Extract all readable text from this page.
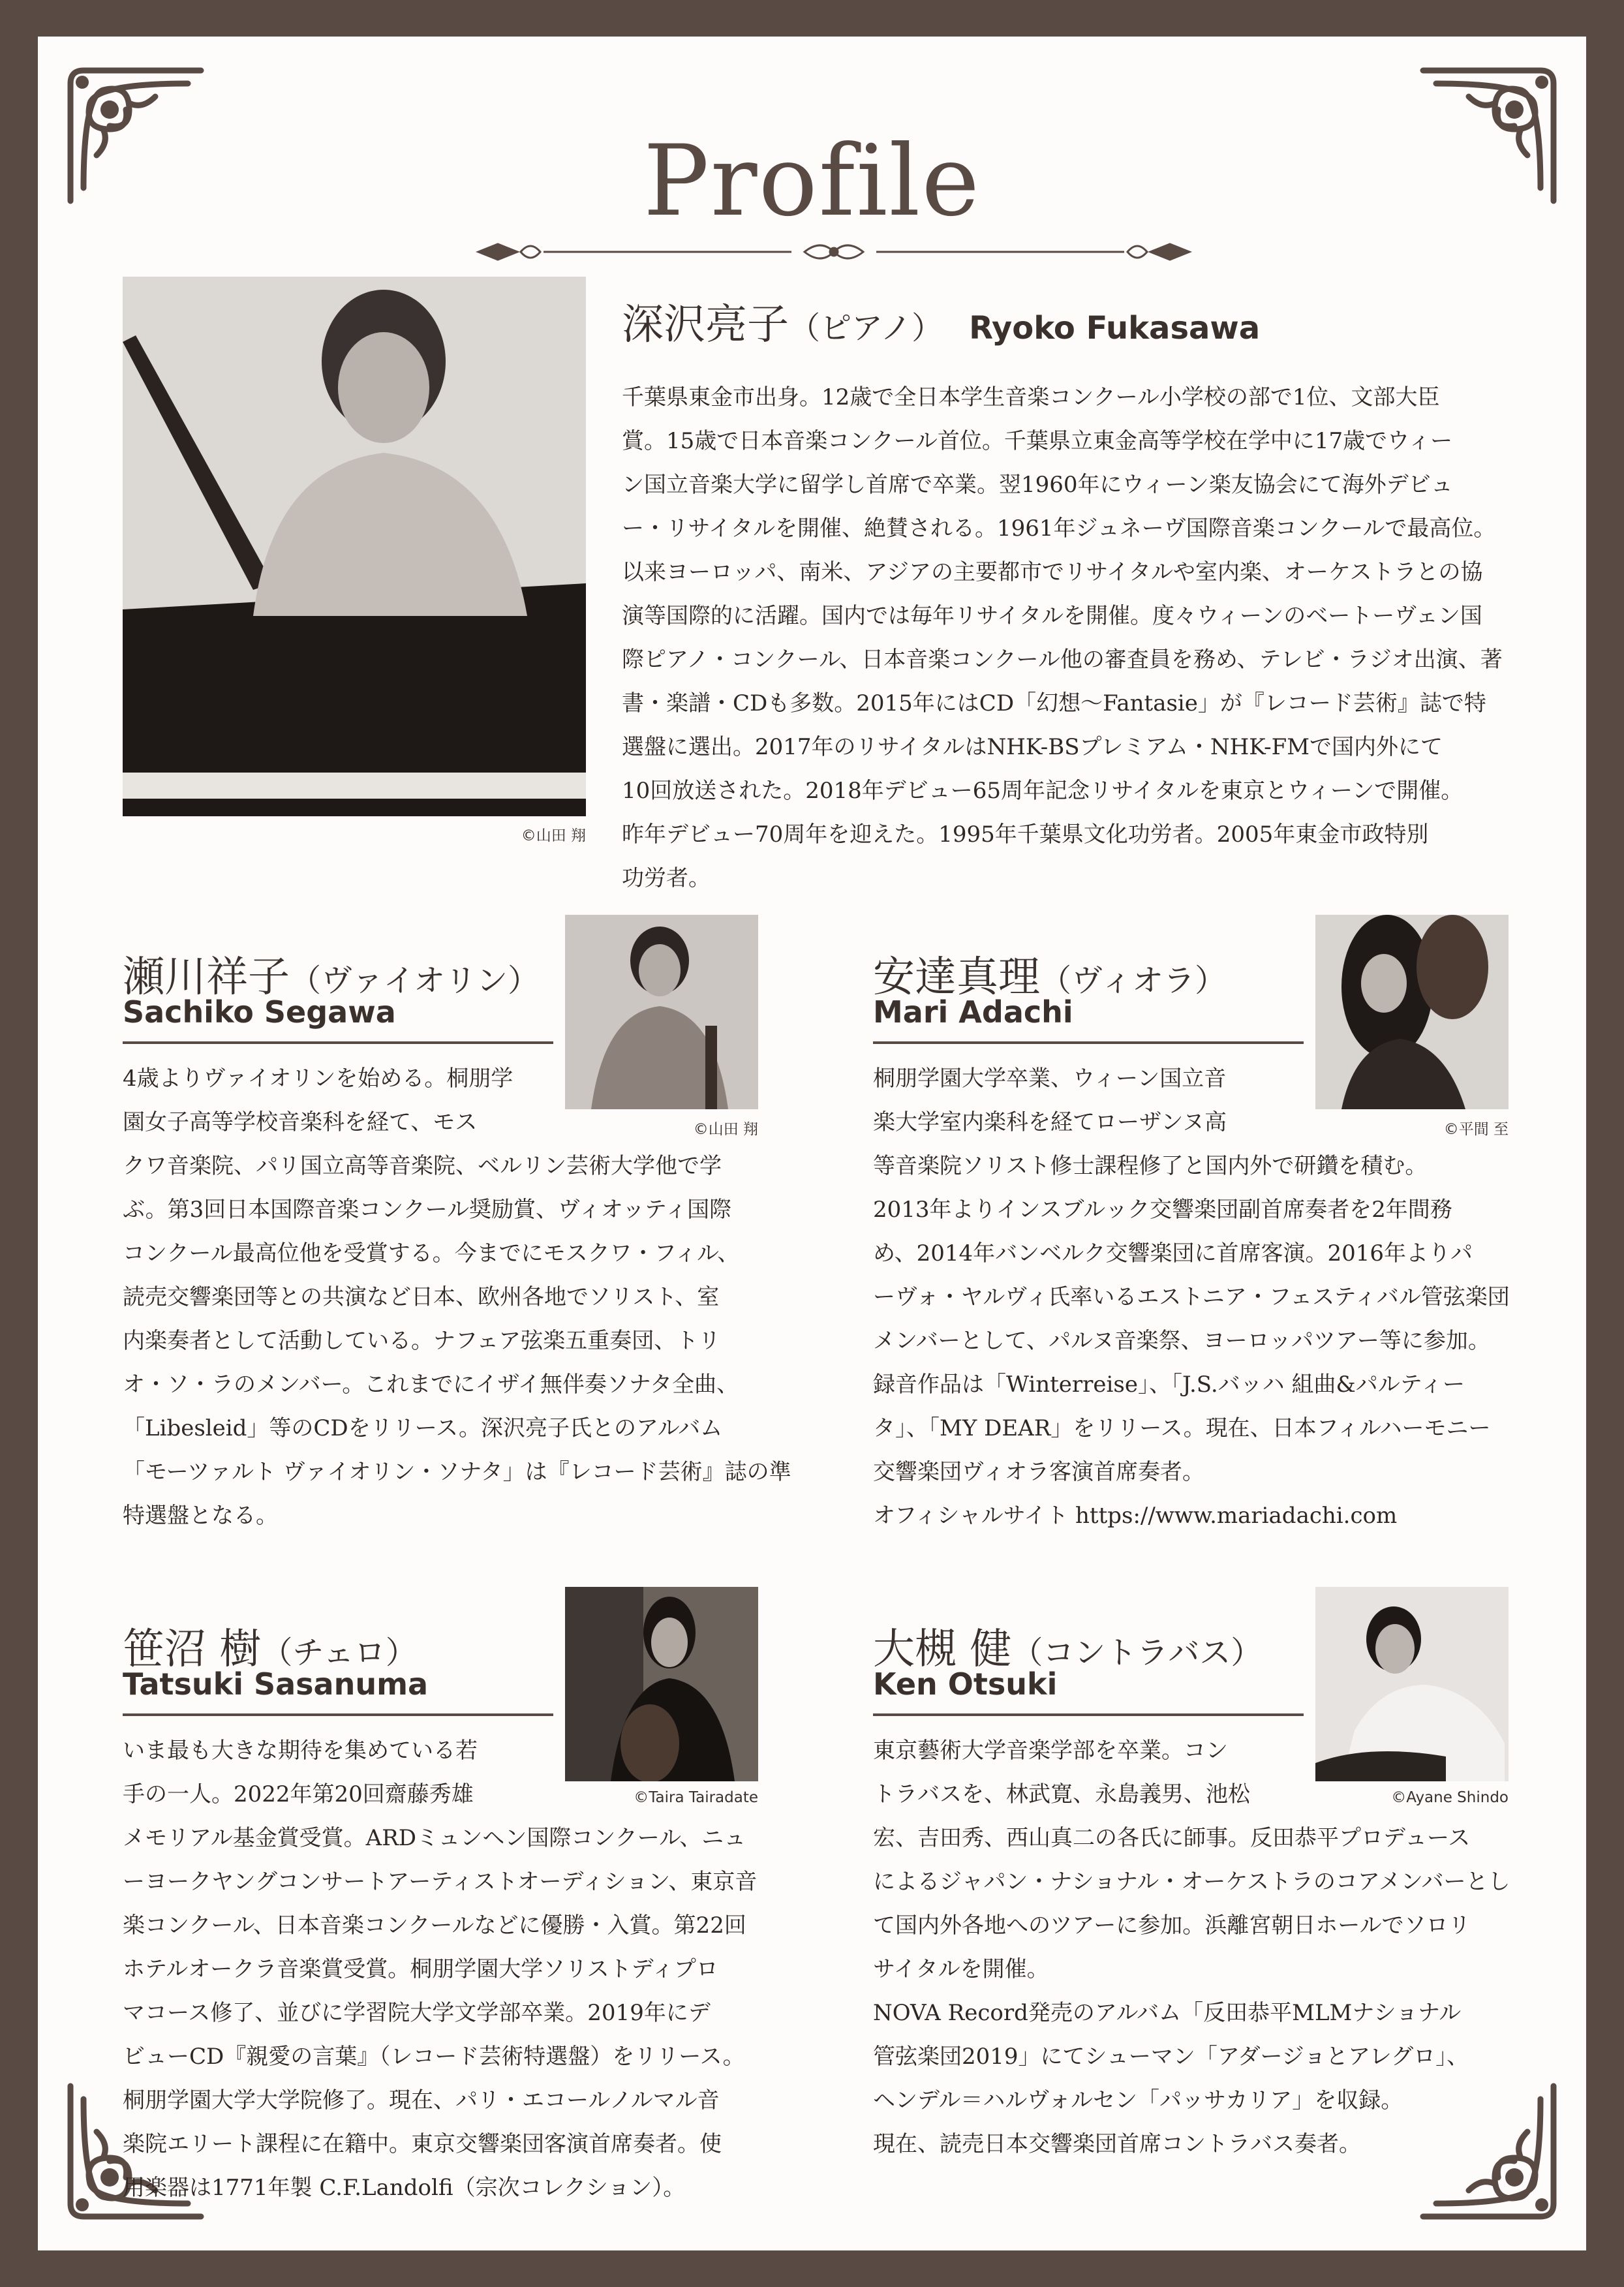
Profile
©山田 翔
深沢亮子（ピアノ） Ryoko Fukasawa
千葉県東金市出身。12歳で全日本学生音楽コンクール小学校の部で1位、文部大臣
賞。15歳で日本音楽コンクール首位。千葉県立東金高等学校在学中に17歳でウィー
ン国立音楽大学に留学し首席で卒業。翌1960年にウィーン楽友協会にて海外デビュ
ー・リサイタルを開催、絶賛される。1961年ジュネーヴ国際音楽コンクールで最高位。
以来ヨーロッパ、南米、アジアの主要都市でリサイタルや室内楽、オーケストラとの協
演等国際的に活躍。国内では毎年リサイタルを開催。度々ウィーンのベートーヴェン国
際ピアノ・コンクール、日本音楽コンクール他の審査員を務め、テレビ・ラジオ出演、著
書・楽譜・CDも多数。2015年にはCD「幻想〜Fantasie」が『レコード芸術』誌で特
選盤に選出。2017年のリサイタルはNHK-BSプレミアム・NHK-FMで国内外にて
10回放送された。2018年デビュー65周年記念リサイタルを東京とウィーンで開催。
昨年デビュー70周年を迎えた。1995年千葉県文化功労者。2005年東金市政特別
功労者。
瀬川祥子（ヴァイオリン）
Sachiko Segawa
©山田 翔
4歳よりヴァイオリンを始める。桐朋学
園女子高等学校音楽科を経て、モス
クワ音楽院、パリ国立高等音楽院、ベルリン芸術大学他で学
ぶ。第3回日本国際音楽コンクール奨励賞、ヴィオッティ国際
コンクール最高位他を受賞する。今までにモスクワ・フィル、
読売交響楽団等との共演など日本、欧州各地でソリスト、室
内楽奏者として活動している。ナフェア弦楽五重奏団、トリ
オ・ソ・ラのメンバー。これまでにイザイ無伴奏ソナタ全曲、
「Libesleid」等のCDをリリース。深沢亮子氏とのアルバム
「モーツァルト ヴァイオリン・ソナタ」は『レコード芸術』誌の準
特選盤となる。
安達真理（ヴィオラ）
Mari Adachi
©平間 至
桐朋学園大学卒業、ウィーン国立音
楽大学室内楽科を経てローザンヌ高
等音楽院ソリスト修士課程修了と国内外で研鑽を積む。
2013年よりインスブルック交響楽団副首席奏者を2年間務
め、2014年バンベルク交響楽団に首席客演。2016年よりパ
ーヴォ・ヤルヴィ氏率いるエストニア・フェスティバル管弦楽団
メンバーとして、パルヌ音楽祭、ヨーロッパツアー等に参加。
録音作品は「Winterreise」、「J.S.バッハ 組曲&パルティー
タ」、「MY DEAR」をリリース。現在、日本フィルハーモニー
交響楽団ヴィオラ客演首席奏者。
オフィシャルサイト https://www.mariadachi.com
笹沼 樹（チェロ）
Tatsuki Sasanuma
©Taira Tairadate
いま最も大きな期待を集めている若
手の一人。2022年第20回齋藤秀雄
メモリアル基金賞受賞。ARDミュンヘン国際コンクール、ニュ
ーヨークヤングコンサートアーティストオーディション、東京音
楽コンクール、日本音楽コンクールなどに優勝・入賞。第22回
ホテルオークラ音楽賞受賞。桐朋学園大学ソリストディプロ
マコース修了、並びに学習院大学文学部卒業。2019年にデ
ビューCD『親愛の言葉』（レコード芸術特選盤）をリリース。
桐朋学園大学大学院修了。現在、パリ・エコールノルマル音
楽院エリート課程に在籍中。東京交響楽団客演首席奏者。使
用楽器は1771年製 C.F.Landolfi（宗次コレクション）。
大槻 健（コントラバス）
Ken Otsuki
©Ayane Shindo
東京藝術大学音楽学部を卒業。コン
トラバスを、林武寛、永島義男、池松
宏、吉田秀、西山真二の各氏に師事。反田恭平プロデュース
によるジャパン・ナショナル・オーケストラのコアメンバーとし
て国内外各地へのツアーに参加。浜離宮朝日ホールでソロリ
サイタルを開催。
NOVA Record発売のアルバム「反田恭平MLMナショナル
管弦楽団2019」にてシューマン「アダージョとアレグロ」、
ヘンデル＝ハルヴォルセン「パッサカリア」を収録。
現在、読売日本交響楽団首席コントラバス奏者。
